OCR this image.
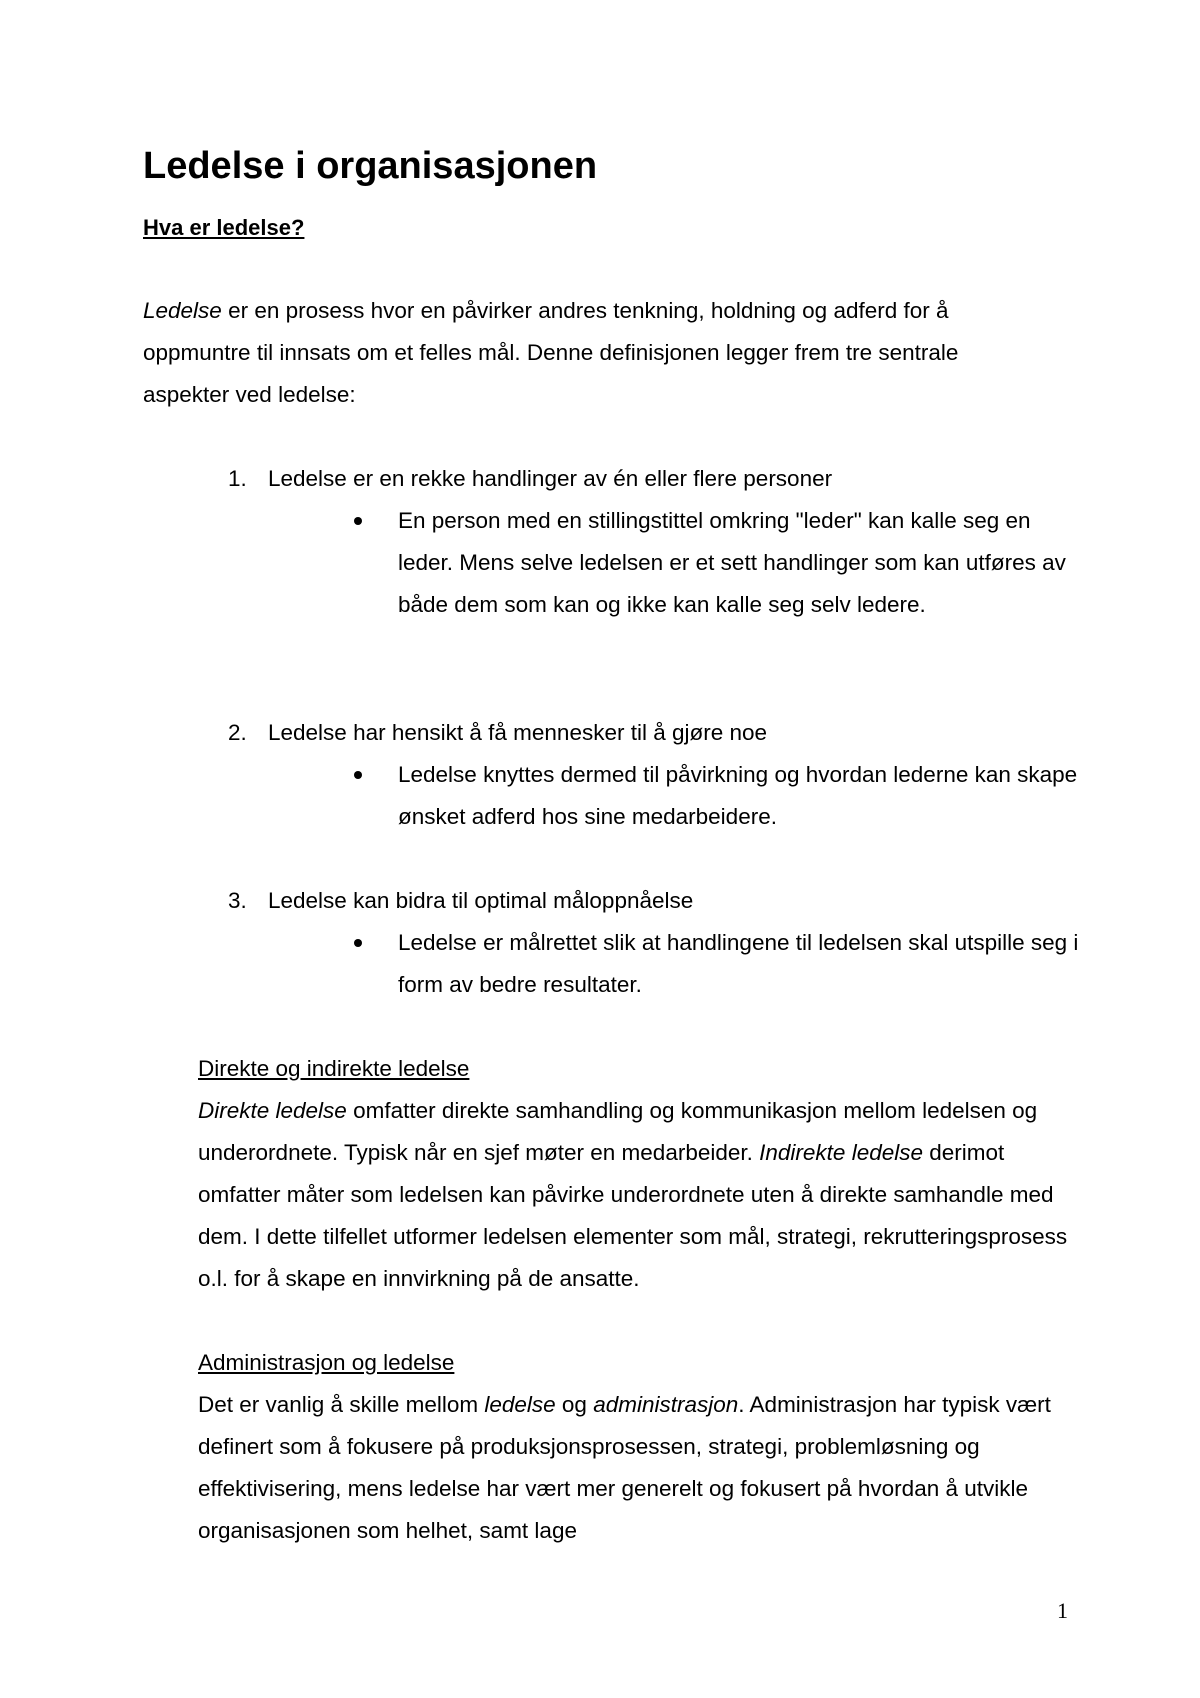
Ledelse i organisasjonen
Hva er ledelse?

Ledelse er en prosess hvor en påvirker andres tenkning, holdning og adferd for å oppmuntre til innsats om et felles mål. Denne definisjonen legger frem tre sentrale aspekter ved ledelse:

1. Ledelse er en rekke handlinger av én eller flere personer
En person med en stillingstittel omkring "leder" kan kalle seg en leder. Mens selve ledelsen er et sett handlinger som kan utføres av både dem som kan og ikke kan kalle seg selv ledere.
2. Ledelse har hensikt å få mennesker til å gjøre noe
Ledelse knyttes dermed til påvirkning og hvordan lederne kan skape ønsket adferd hos sine medarbeidere.
3. Ledelse kan bidra til optimal måloppnåelse
Ledelse er målrettet slik at handlingene til ledelsen skal utspille seg i form av bedre resultater.
Direkte og indirekte ledelse

Direkte ledelse omfatter direkte samhandling og kommunikasjon mellom ledelsen og underordnete. Typisk når en sjef møter en medarbeider. Indirekte ledelse derimot omfatter måter som ledelsen kan påvirke underordnete uten å direkte samhandle med dem. I dette tilfellet utformer ledelsen elementer som mål, strategi, rekrutteringsprosess o.l. for å skape en innvirkning på de ansatte.

Administrasjon og ledelse

Det er vanlig å skille mellom ledelse og administrasjon. Administrasjon har typisk vært definert som å fokusere på produksjonsprosessen, strategi, problemløsning og effektivisering, mens ledelse har vært mer generelt og fokusert på hvordan å utvikle organisasjonen som helhet, samt lage

1
